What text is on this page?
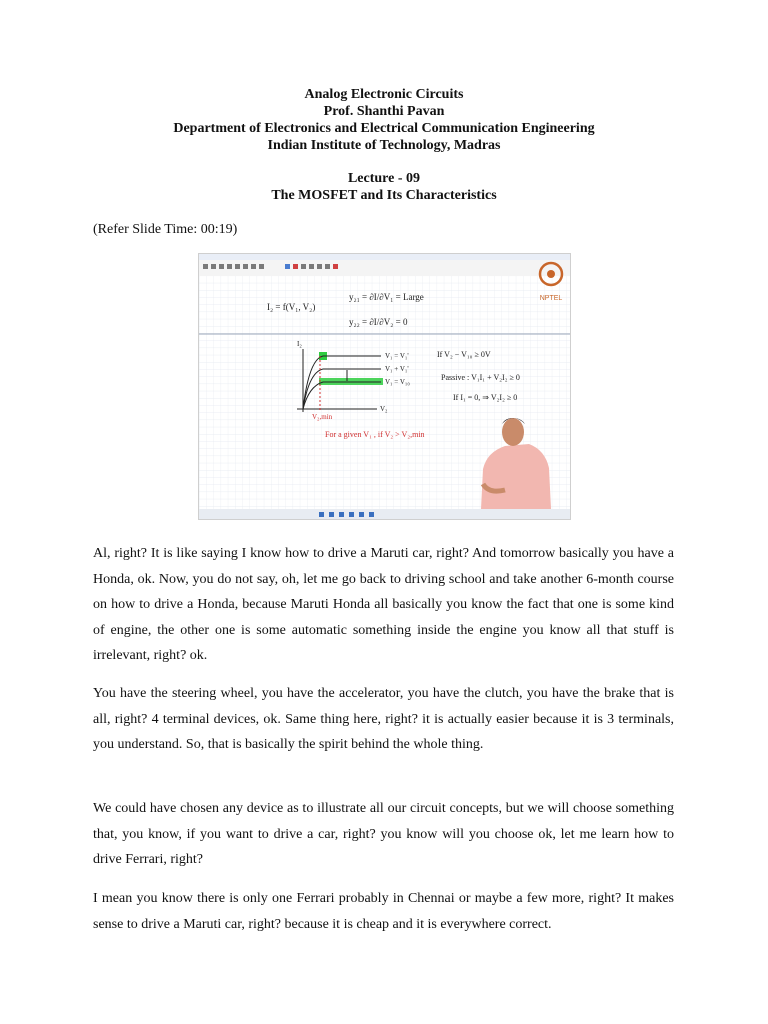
Analog Electronic Circuits
Prof. Shanthi Pavan
Department of Electronics and Electrical Communication Engineering
Indian Institute of Technology, Madras
Lecture - 09
The MOSFET and Its Characteristics
(Refer Slide Time: 00:19)
NPTEL
I₂ = f(V₁, V₂)
y₂₁ = ∂I/∂V₁ = Large
y₂₂ = ∂I/∂V₂ = 0
I₂
V₂
V₁ = V₁'
V₁ + V₁'
V₁ = V₁₀
V₂,min
If V₂ − V₁₀ ≥ 0V
Passive : V₁I₁ + V₂I₂ ≥ 0
If I₁ = 0, ⇒ V₂I₂ ≥ 0
For a given V₁ , if V₂ > V₂,min
Al, right? It is like saying I know how to drive a Maruti car, right? And tomorrow basically you have a Honda, ok. Now, you do not say, oh, let me go back to driving school and take another 6-month course on how to drive a Honda, because Maruti Honda all basically you know the fact that one is some kind of engine, the other one is some automatic something inside the engine you know all that stuff is irrelevant, right? ok.
You have the steering wheel, you have the accelerator, you have the clutch, you have the brake that is all, right? 4 terminal devices, ok. Same thing here, right? it is actually easier because it is 3 terminals, you understand. So, that is basically the spirit behind the whole thing.
We could have chosen any device as to illustrate all our circuit concepts, but we will choose something that, you know, if you want to drive a car, right? you know will you choose ok, let me learn how to drive Ferrari, right?
I mean you know there is only one Ferrari probably in Chennai or maybe a few more, right? It makes sense to drive a Maruti car, right? because it is cheap and it is everywhere correct.
